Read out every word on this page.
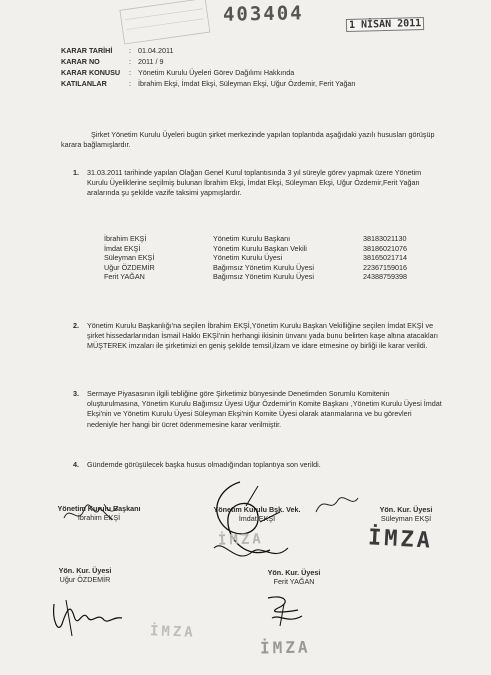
403404	1 NİSAN 2011
KARAR TARİHİ	: 01.04.2011
KARAR NO	: 2011 / 9
KARAR KONUSU	: Yönetim Kurulu Üyeleri Görev Dağılımı Hakkında
KATILANLAR	: İbrahim Ekşi, İmdat Ekşi, Süleyman Ekşi, Uğur Özdemir, Ferit Yağan
Şirket Yönetim Kurulu Üyeleri bugün şirket merkezinde yapılan toplantıda aşağıdaki yazılı hususları görüşüp karara bağlamışlardır.
1. 31.03.2011 tarihinde yapılan Olağan Genel Kurul toplantısında 3 yıl süreyle görev yapmak üzere Yönetim Kurulu Üyeliklerine seçilmiş bulunan İbrahim Ekşi, İmdat Ekşi, Süleyman Ekşi, Uğur Özdemir,Ferit Yağan aralarında şu şekilde vazife taksimi yapmışlardır.
İbrahim EKŞİ	Yönetim Kurulu Başkanı	38183021130
İmdat EKŞİ	Yönetim Kurulu Başkan Vekili	38186021076
Süleyman EKŞİ	Yönetim Kurulu Üyesi	38165021714
Uğur ÖZDEMİR	Bağımsız Yönetim Kurulu Üyesi	22367159016
Ferit YAĞAN	Bağımsız Yönetim Kurulu Üyesi	24388759398
2. Yönetim Kurulu Başkanlığı'na seçilen İbrahim EKŞİ,Yönetim Kurulu Başkan Vekilliğine seçilen İmdat EKŞİ ve şirket hissedarlarından İsmail Hakkı EKŞİ'nin herhangi ikisinin ünvanı yada bunu belirten kaşe altına atacakları MÜŞTEREK imzaları ile şirketimizi en geniş şekilde temsil,ilzam ve idare etmesine oy birliği ile karar verildi.
3. Sermaye Piyasasının ilgili tebliğine göre Şirketimiz bünyesinde Denetimden Sorumlu Komitenin oluşturulmasına, Yönetim Kurulu Bağımsız Üyesi Uğur Özdemir'in Komite Başkanı ,Yönetim Kurulu Üyesi İmdat Ekşi'nin ve Yönetim Kurulu Üyesi Süleyman Ekşi'nin Komite Üyesi olarak atanmalarına ve bu görevleri nedeniyle her hangi bir ücret ödenmemesine karar verilmiştir.
4. Gündemde görüşülecek başka husus olmadığından toplantıya son verildi.
Yönetim Kurulu Başkanı
İbrahim EKŞİ
Yönetim Kurulu Bşk. Vek.
İmdat EKŞİ
Yön. Kur. Üyesi
Süleyman EKŞİ
Yön. Kur. Üyesi
Uğur ÖZDEMİR
Yön. Kur. Üyesi
Ferit YAĞAN
İMZA
İMZA
İMZA
İMZA
